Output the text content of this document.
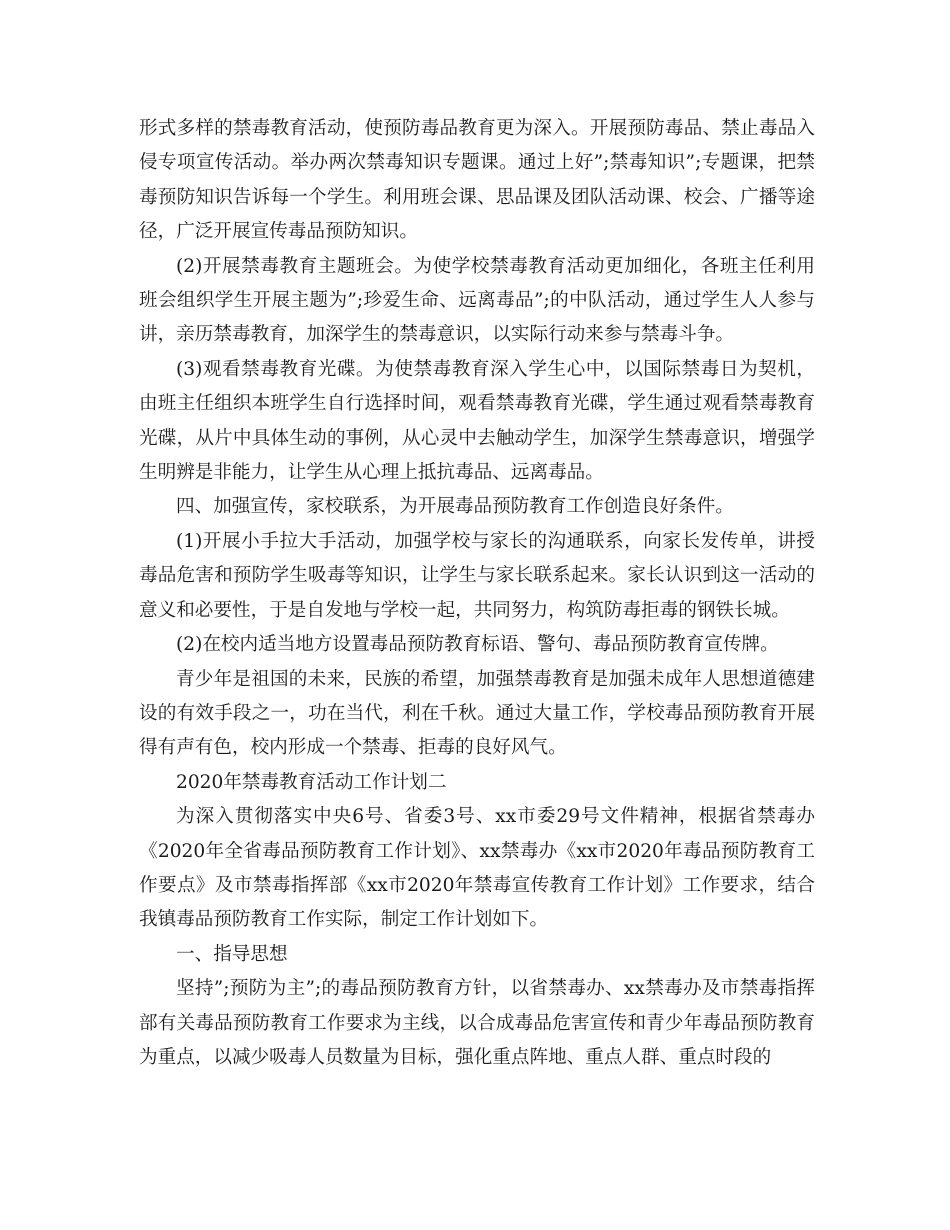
形式多样的禁毒教育活动，使预防毒品教育更为深入。开展预防毒品、禁止毒品入侵专项宣传活动。举办两次禁毒知识专题课。通过上好”;禁毒知识”;专题课，把禁毒预防知识告诉每一个学生。利用班会课、思品课及团队活动课、校会、广播等途径，广泛开展宣传毒品预防知识。

(2)开展禁毒教育主题班会。为使学校禁毒教育活动更加细化，各班主任利用班会组织学生开展主题为”;珍爱生命、远离毒品”;的中队活动，通过学生人人参与讲，亲历禁毒教育，加深学生的禁毒意识，以实际行动来参与禁毒斗争。

(3)观看禁毒教育光碟。为使禁毒教育深入学生心中，以国际禁毒日为契机，由班主任组织本班学生自行选择时间，观看禁毒教育光碟，学生通过观看禁毒教育光碟，从片中具体生动的事例，从心灵中去触动学生，加深学生禁毒意识，增强学生明辨是非能力，让学生从心理上抵抗毒品、远离毒品。

四、加强宣传，家校联系，为开展毒品预防教育工作创造良好条件。

(1)开展小手拉大手活动，加强学校与家长的沟通联系，向家长发传单，讲授毒品危害和预防学生吸毒等知识，让学生与家长联系起来。家长认识到这一活动的意义和必要性，于是自发地与学校一起，共同努力，构筑防毒拒毒的钢铁长城。

(2)在校内适当地方设置毒品预防教育标语、警句、毒品预防教育宣传牌。

青少年是祖国的未来，民族的希望，加强禁毒教育是加强未成年人思想道德建设的有效手段之一，功在当代，利在千秋。通过大量工作，学校毒品预防教育开展得有声有色，校内形成一个禁毒、拒毒的良好风气。

2020年禁毒教育活动工作计划二

为深入贯彻落实中央6号、省委3号、xx市委29号文件精神，根据省禁毒办《2020年全省毒品预防教育工作计划》、xx禁毒办《xx市2020年毒品预防教育工作要点》及市禁毒指挥部《xx市2020年禁毒宣传教育工作计划》工作要求，结合我镇毒品预防教育工作实际，制定工作计划如下。

一、指导思想

坚持”;预防为主”;的毒品预防教育方针，以省禁毒办、xx禁毒办及市禁毒指挥部有关毒品预防教育工作要求为主线，以合成毒品危害宣传和青少年毒品预防教育为重点，以减少吸毒人员数量为目标，强化重点阵地、重点人群、重点时段的
